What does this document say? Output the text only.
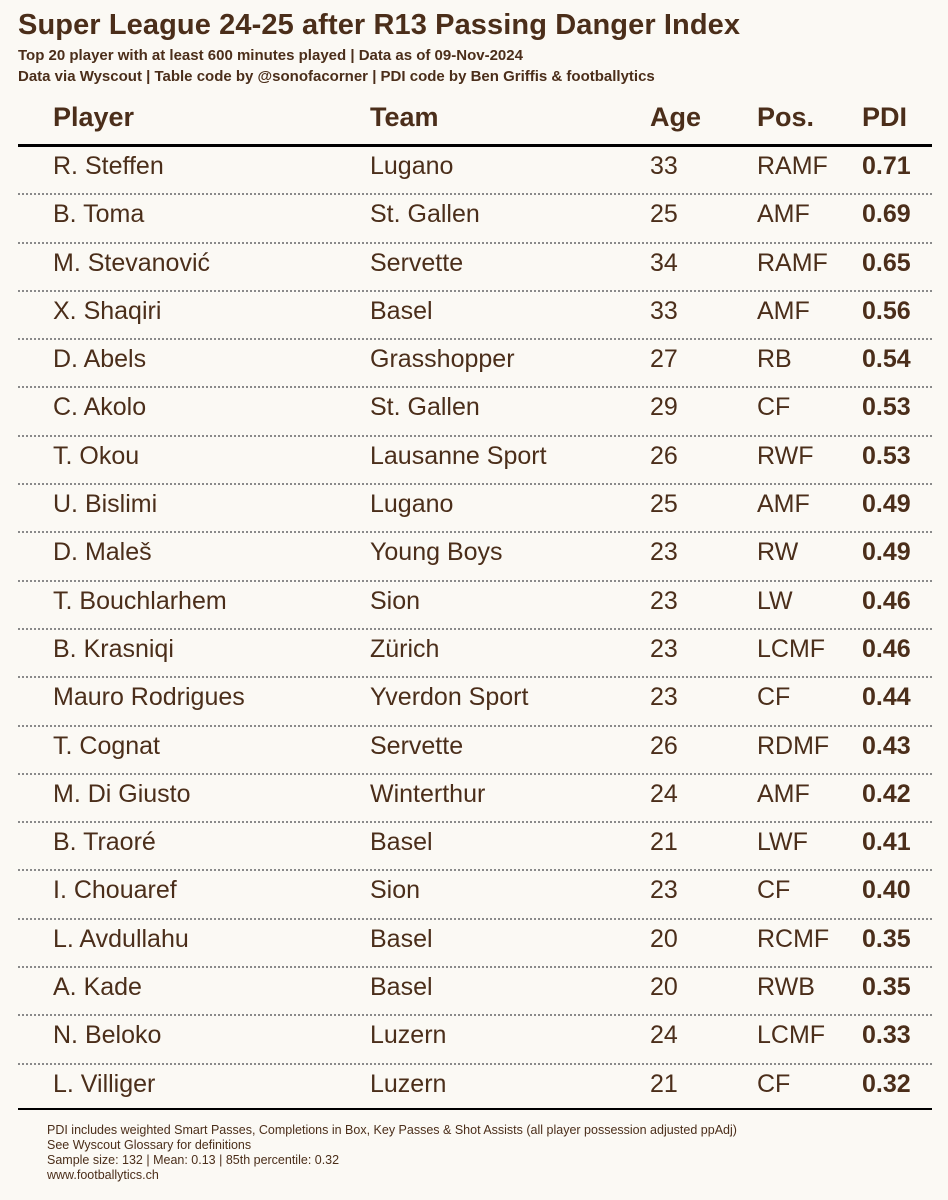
Super League 24-25 after R13 Passing Danger Index
Top 20 player with at least 600 minutes played | Data as of 09-Nov-2024
Data via Wyscout | Table code by @sonofacorner | PDI code by Ben Griffis & footballytics
Player	Team	Age Pos. PDI
R. Steffen	Lugano	33	RAMF 0.71
B. Toma	St. Gallen	25	AMF 0.69
M. Stevanović	Servette	34	RAMF 0.65
X. Shaqiri	Basel	33	AMF 0.56
D. Abels	Grasshopper	27	RB	0.54
C. Akolo	St. Gallen	29	CF	0.53
T. Okou	Lausanne Sport	26	RWF 0.53
U. Bislimi	Lugano	25	AMF 0.49
D. Maleš	Young Boys	23	RW	0.49
T. Bouchlarhem	Sion	23	LW	0.46
B. Krasniqi	Zürich	23	LCMF 0.46
Mauro Rodrigues	Yverdon Sport	23	CF	0.44
T. Cognat	Servette	26	RDMF 0.43
M. Di Giusto	Winterthur	24	AMF 0.42
B. Traoré	Basel	21	LWF 0.41
I. Chouaref	Sion	23	CF	0.40
L. Avdullahu	Basel	20	RCMF 0.35
A. Kade	Basel	20	RWB 0.35
N. Beloko	Luzern	24	LCMF 0.33
L. Villiger	Luzern	21	CF	0.32
PDI includes weighted Smart Passes, Completions in Box, Key Passes & Shot Assists (all player possession adjusted ppAdj)
See Wyscout Glossary for definitions
Sample size: 132 | Mean: 0.13 | 85th percentile: 0.32
www.footballytics.ch
